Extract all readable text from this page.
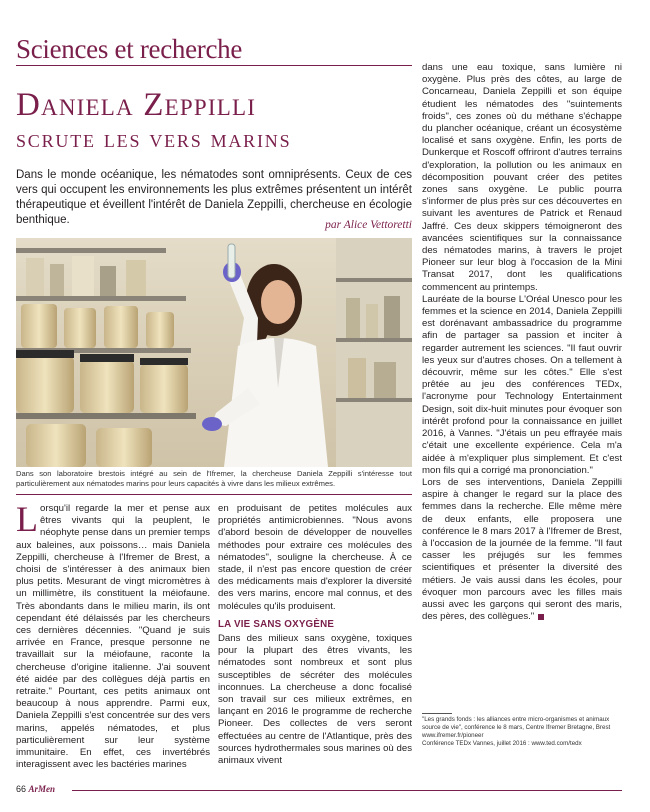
Sciences et recherche
Daniela Zeppilli
scrute les vers marins
Dans le monde océanique, les nématodes sont omniprésents. Ceux de ces vers qui occupent les environnements les plus extrêmes présentent un intérêt thérapeutique et éveillent l'intérêt de Daniela Zeppilli, chercheuse en écologie benthique.	par Alice Vettoretti
Dans son laboratoire brestois intégré au sein de l'Ifremer, la chercheuse Daniela Zeppilli s'intéresse tout particulièrement aux nématodes marins pour leurs capacités à vivre dans les milieux extrêmes.

Lorsqu'il regarde la mer et pense aux êtres vivants qui la peuplent, le néophyte pense dans un premier temps aux baleines, aux poissons… mais Daniela Zeppilli, chercheuse à l'Ifremer de Brest, a choisi de s'intéresser à des animaux bien plus petits. Mesurant de vingt micromètres à un millimètre, ils constituent la méiofaune. Très abondants dans le milieu marin, ils ont cependant été délaissés par les chercheurs ces dernières décennies. "Quand je suis arrivée en France, presque personne ne travaillait sur la méiofaune, raconte la chercheuse d'origine italienne. J'ai souvent été aidée par des collègues déjà partis en retraite." Pourtant, ces petits animaux ont beaucoup à nous apprendre. Parmi eux, Daniela Zeppilli s'est concentrée sur des vers marins, appelés nématodes, et plus particulièrement sur leur système immunitaire. En effet, ces invertébrés interagissent avec les bactéries marines

en produisant de petites molécules aux propriétés antimicrobiennes. "Nous avons d'abord besoin de développer de nouvelles méthodes pour extraire ces molécules des nématodes", souligne la chercheuse. À ce stade, il n'est pas encore question de créer des médicaments mais d'explorer la diversité des vers marins, encore mal connus, et des molécules qu'ils produisent.

LA VIE SANS OXYGÈNE

Dans des milieux sans oxygène, toxiques pour la plupart des êtres vivants, les nématodes sont nombreux et sont plus susceptibles de sécréter des molécules inconnues. La chercheuse a donc focalisé son travail sur ces milieux extrêmes, en lançant en 2016 le programme de recherche Pioneer. Des collectes de vers seront effectuées au centre de l'Atlantique, près des sources hydrothermales sous marines où des animaux vivent

dans une eau toxique, sans lumière ni oxygène. Plus près des côtes, au large de Concarneau, Daniela Zeppilli et son équipe étudient les nématodes des "suintements froids", ces zones où du méthane s'échappe du plancher océanique, créant un écosystème localisé et sans oxygène. Enfin, les ports de Dunkerque et Roscoff offriront d'autres terrains d'exploration, la pollution ou les animaux en décomposition pouvant créer des petites zones sans oxygène. Le public pourra s'informer de plus près sur ces découvertes en suivant les aventures de Patrick et Renaud Jaffré. Ces deux skippers témoigneront des avancées scientifiques sur la connaissance des nématodes marins, à travers le projet Pioneer sur leur blog à l'occasion de la Mini Transat 2017, dont les qualifications commencent au printemps.

Lauréate de la bourse L'Oréal Unesco pour les femmes et la science en 2014, Daniela Zeppilli est dorénavant ambassadrice du programme afin de partager sa passion et inciter à regarder autrement les sciences. "Il faut ouvrir les yeux sur d'autres choses. On a tellement à découvrir, même sur les côtes." Elle s'est prêtée au jeu des conférences TEDx, l'acronyme pour Technology Entertainment Design, soit dix-huit minutes pour évoquer son intérêt profond pour la connaissance en juillet 2016, à Vannes. "J'étais un peu effrayée mais c'était une excellente expérience. Cela m'a aidée à m'expliquer plus simplement. Et c'est mon fils qui a corrigé ma prononciation."

Lors de ses interventions, Daniela Zeppilli aspire à changer le regard sur la place des femmes dans la recherche. Elle même mère de deux enfants, elle proposera une conférence le 8 mars 2017 à l'Ifremer de Brest, à l'occasion de la journée de la femme. "Il faut casser les préjugés sur les femmes scientifiques et présenter la diversité des métiers. Je vais aussi dans les écoles, pour évoquer mon parcours avec les filles mais aussi avec les garçons qui seront des maris, des pères, des collègues."

"Les grands fonds : les alliances entre micro-organismes et animaux source de vie", conférence le 8 mars, Centre Ifremer Bretagne, Brest

www.ifremer.fr/pioneer

Conférence TEDx Vannes, juillet 2016 : www.ted.com/tedx

66 ArMen
